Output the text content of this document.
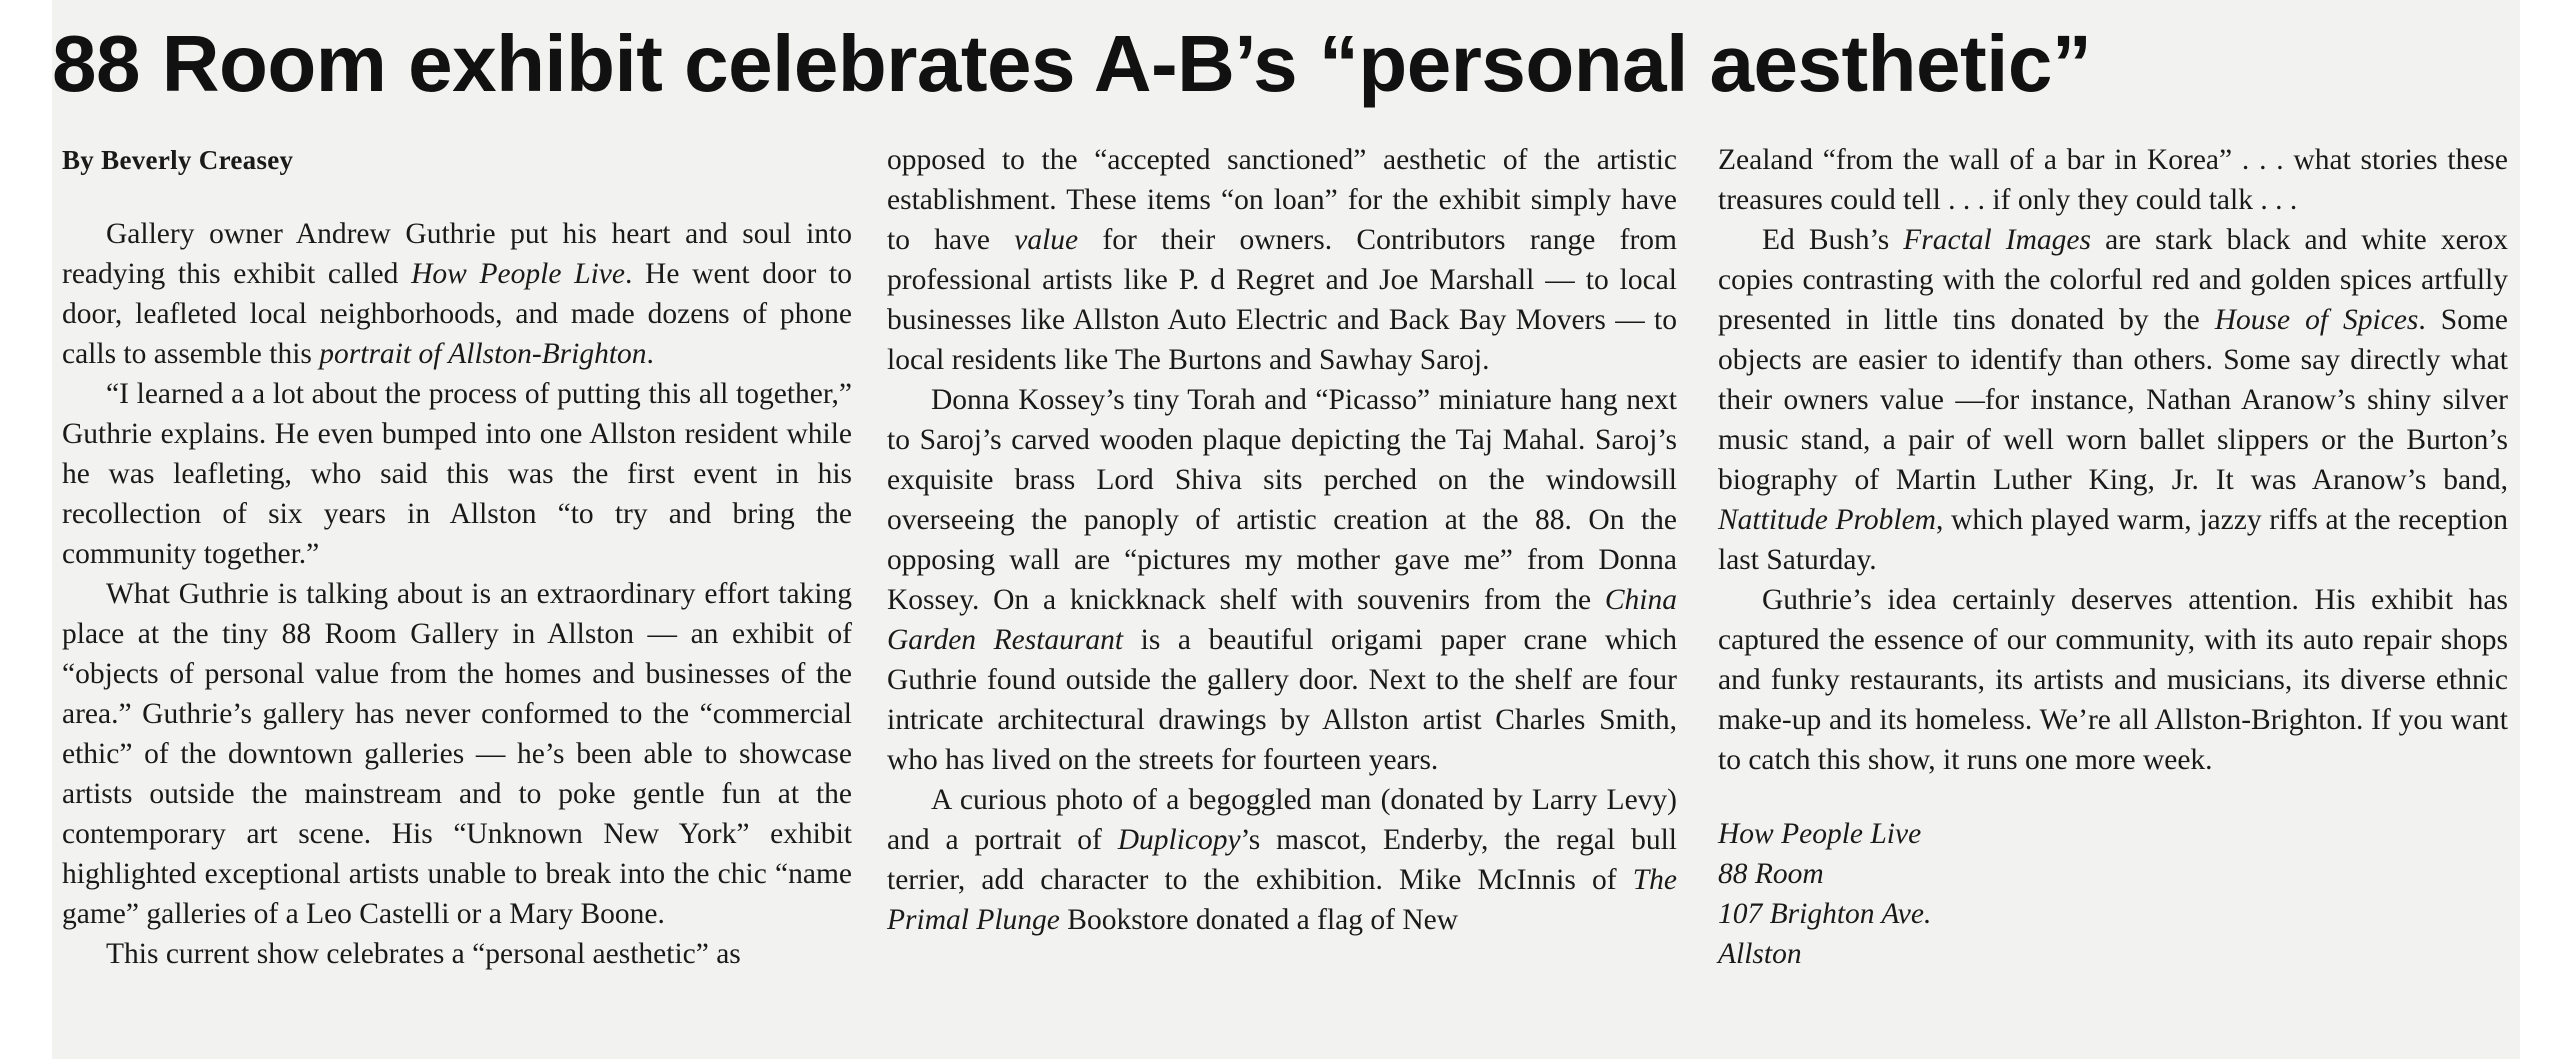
88 Room exhibit celebrates A-B’s “personal aesthetic”
By Beverly Creasey

Gallery owner Andrew Guthrie put his heart and soul into readying this exhibit called How People Live. He went door to door, leafleted local neighborhoods, and made dozens of phone calls to assemble this portrait of Allston-Brighton.

“I learned a a lot about the process of putting this all together,” Guthrie explains. He even bumped into one Allston resident while he was leafleting, who said this was the first event in his recollection of six years in Allston “to try and bring the community together.”

What Guthrie is talking about is an extraordinary effort taking place at the tiny 88 Room Gallery in Allston — an exhibit of “objects of personal value from the homes and businesses of the area.” Guthrie’s gallery has never conformed to the “commercial ethic” of the downtown galleries — he’s been able to showcase artists outside the mainstream and to poke gentle fun at the contemporary art scene. His “Unknown New York” exhibit highlighted exceptional artists unable to break into the chic “name game” galleries of a Leo Castelli or a Mary Boone.

This current show celebrates a “personal aesthetic” as

opposed to the “accepted sanctioned” aesthetic of the artistic establishment. These items “on loan” for the exhibit simply have to have value for their owners. Contributors range from professional artists like P. d Regret and Joe Marshall — to local businesses like Allston Auto Electric and Back Bay Movers — to local residents like The Burtons and Sawhay Saroj.

Donna Kossey’s tiny Torah and “Picasso” miniature hang next to Saroj’s carved wooden plaque depicting the Taj Mahal. Saroj’s exquisite brass Lord Shiva sits perched on the windowsill overseeing the panoply of artistic creation at the 88. On the opposing wall are “pictures my mother gave me” from Donna Kossey. On a knickknack shelf with souvenirs from the China Garden Restaurant is a beautiful origami paper crane which Guthrie found outside the gallery door. Next to the shelf are four intricate architectural drawings by Allston artist Charles Smith, who has lived on the streets for fourteen years.

A curious photo of a begoggled man (donated by Larry Levy) and a portrait of Duplicopy’s mascot, Enderby, the regal bull terrier, add character to the exhibition. Mike McInnis of The Primal Plunge Bookstore donated a flag of New

Zealand “from the wall of a bar in Korea” . . . what stories these treasures could tell . . . if only they could talk . . .

Ed Bush’s Fractal Images are stark black and white xerox copies contrasting with the colorful red and golden spices artfully presented in little tins donated by the House of Spices. Some objects are easier to identify than others. Some say directly what their owners value —for instance, Nathan Aranow’s shiny silver music stand, a pair of well worn ballet slippers or the Burton’s biography of Martin Luther King, Jr. It was Aranow’s band, Nattitude Problem, which played warm, jazzy riffs at the reception last Saturday.

Guthrie’s idea certainly deserves attention. His exhibit has captured the essence of our community, with its auto repair shops and funky restaurants, its artists and musicians, its diverse ethnic make-up and its homeless. We’re all Allston-Brighton. If you want to catch this show, it runs one more week.

How People Live
88 Room
107 Brighton Ave.
Allston
